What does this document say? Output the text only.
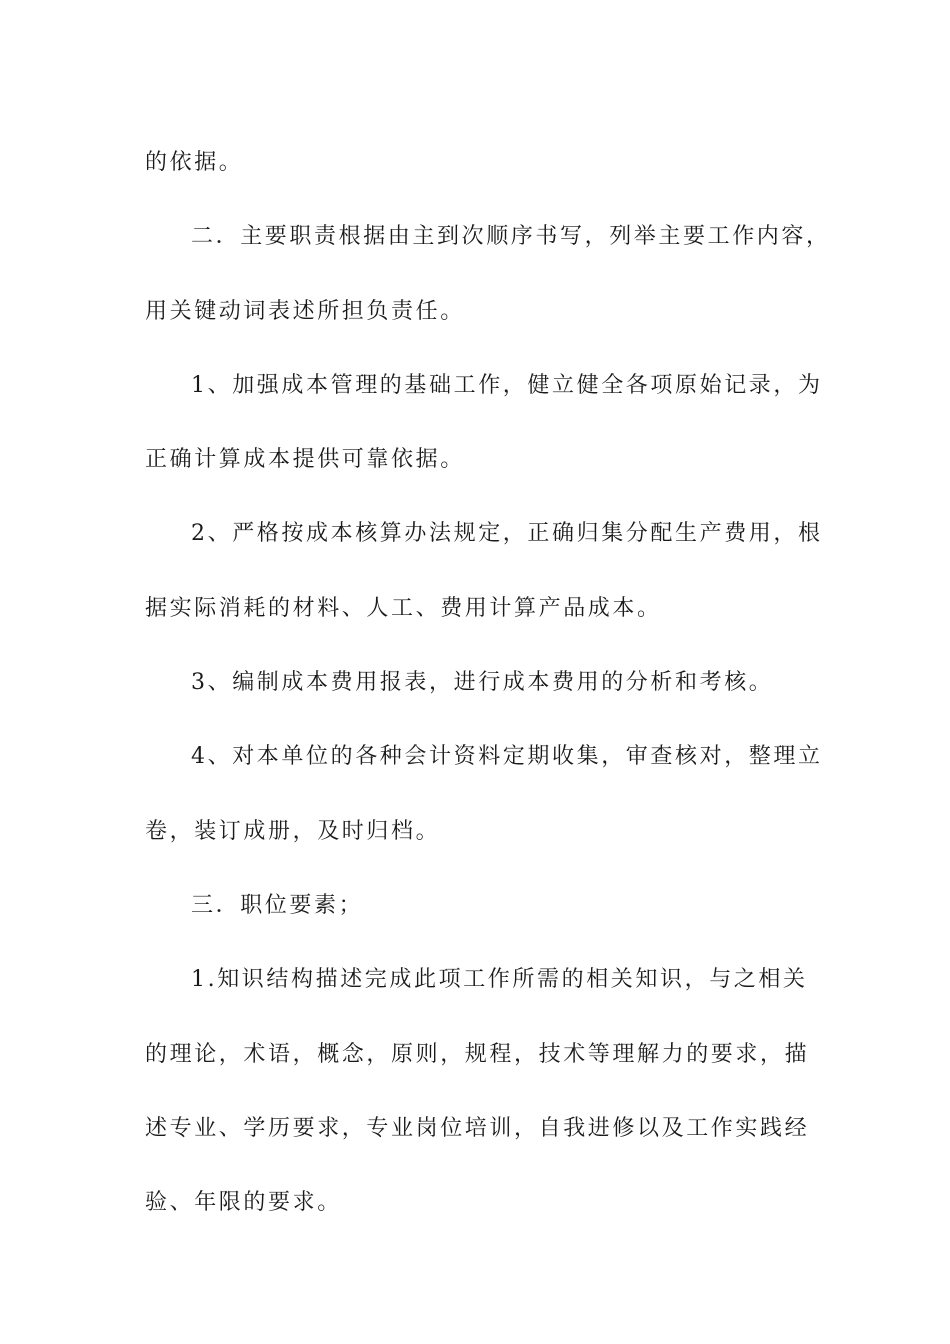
的依据。
二．主要职责根据由主到次顺序书写，列举主要工作内容，
用关键动词表述所担负责任。
1、加强成本管理的基础工作，健立健全各项原始记录，为
正确计算成本提供可靠依据。
2、严格按成本核算办法规定，正确归集分配生产费用，根
据实际消耗的材料、人工、费用计算产品成本。
3、编制成本费用报表，进行成本费用的分析和考核。
4、对本单位的各种会计资料定期收集，审查核对，整理立
卷，装订成册，及时归档。
三．职位要素；
1.知识结构描述完成此项工作所需的相关知识，与之相关
的理论，术语，概念，原则，规程，技术等理解力的要求，描
述专业、学历要求，专业岗位培训，自我进修以及工作实践经
验、年限的要求。
